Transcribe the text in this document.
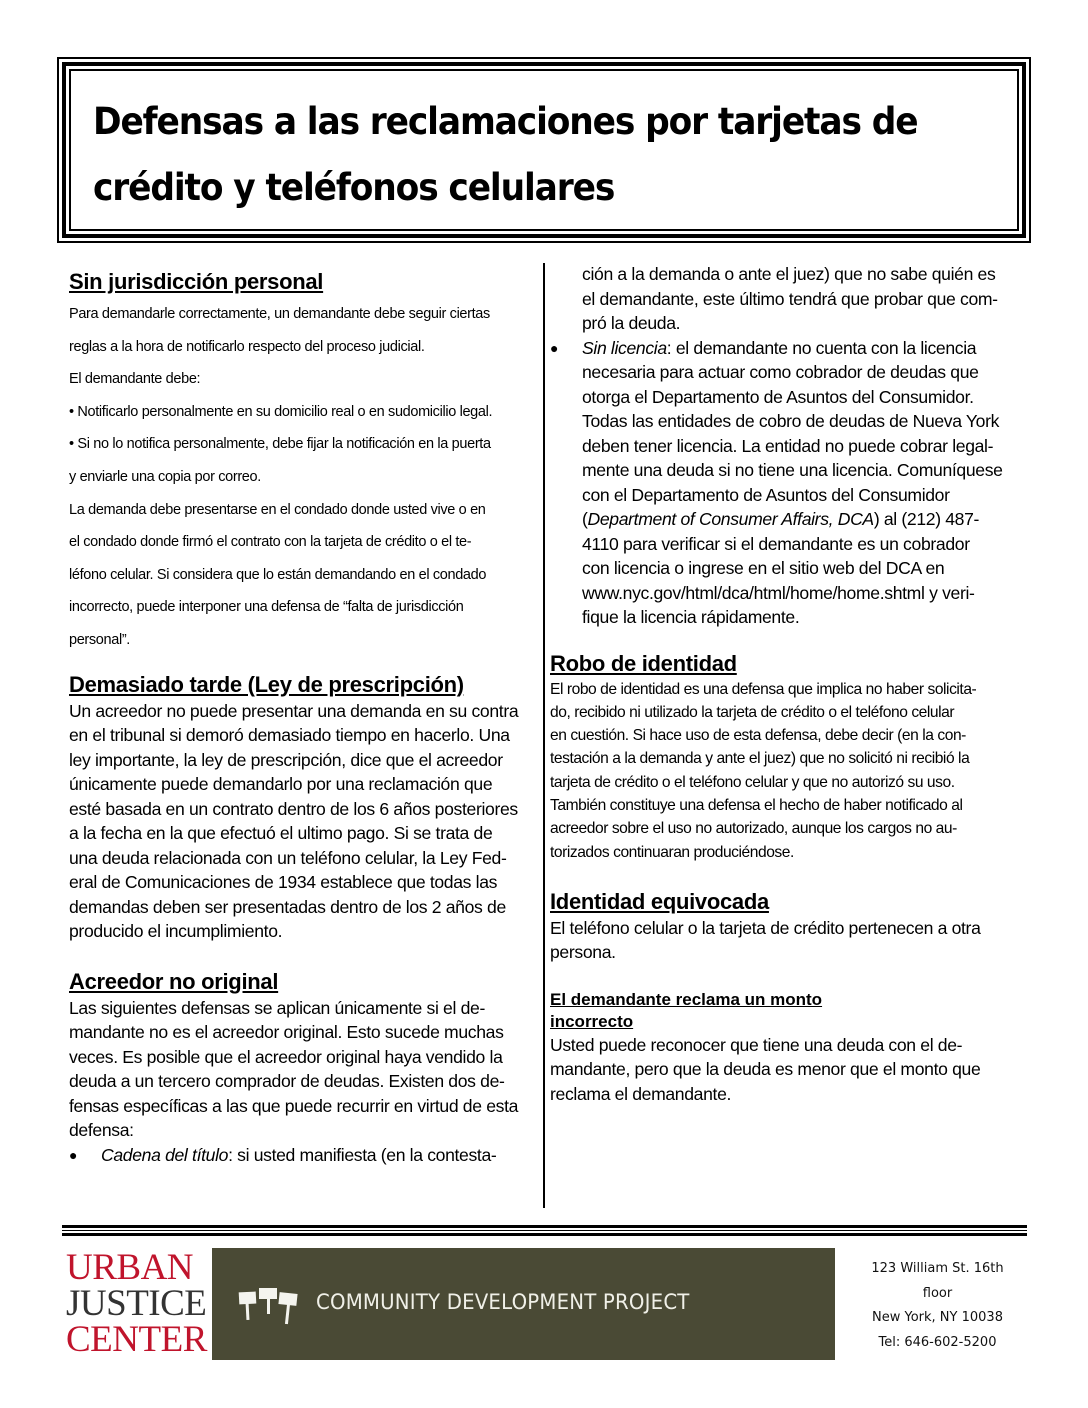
Defensas a las reclamaciones por tarjetas de
crédito y teléfonos celulares
Sin jurisdicción personal

Para demandarle correctamente, un demandante debe seguir ciertas

reglas a la hora de notificarlo respecto del proceso judicial.

El demandante debe:

• Notificarlo personalmente en su domicilio real o en sudomicilio legal.

• Si no lo notifica personalmente, debe fijar la notificación en la puerta

y enviarle una copia por correo.

La demanda debe presentarse en el condado donde usted vive o en

el condado donde firmó el contrato con la tarjeta de crédito o el te-

léfono celular. Si considera que lo están demandando en el condado

incorrecto, puede interponer una defensa de “falta de jurisdicción

personal”.

Demasiado tarde (Ley de prescripción)

Un acreedor no puede presentar una demanda en su contra

en el tribunal si demoró demasiado tiempo en hacerlo. Una

ley importante, la ley de prescripción, dice que el acreedor

únicamente puede demandarlo por una reclamación que

esté basada en un contrato dentro de los 6 años posteriores

a la fecha en la que efectuó el ultimo pago. Si se trata de

una deuda relacionada con un teléfono celular, la Ley Fed-

eral de Comunicaciones de 1934 establece que todas las

demandas deben ser presentadas dentro de los 2 años de

producido el incumplimiento.

Acreedor no original

Las siguientes defensas se aplican únicamente si el de-

mandante no es el acreedor original. Esto sucede muchas

veces. Es posible que el acreedor original haya vendido la

deuda a un tercero comprador de deudas. Existen dos de-

fensas específicas a las que puede recurrir en virtud de esta

defensa:

● Cadena del título: si usted manifiesta (en la contesta-

ción a la demanda o ante el juez) que no sabe quién es

el demandante, este último tendrá que probar que com-

pró la deuda.

● Sin licencia: el demandante no cuenta con la licencia

necesaria para actuar como cobrador de deudas que

otorga el Departamento de Asuntos del Consumidor.

Todas las entidades de cobro de deudas de Nueva York

deben tener licencia. La entidad no puede cobrar legal-

mente una deuda si no tiene una licencia. Comuníquese

con el Departamento de Asuntos del Consumidor

(Department of Consumer Affairs, DCA) al (212) 487-

4110 para verificar si el demandante es un cobrador

con licencia o ingrese en el sitio web del DCA en

www.nyc.gov/html/dca/html/home/home.shtml y veri-

fique la licencia rápidamente.

Robo de identidad

El robo de identidad es una defensa que implica no haber solicita-

do, recibido ni utilizado la tarjeta de crédito o el teléfono celular

en cuestión. Si hace uso de esta defensa, debe decir (en la con-

testación a la demanda y ante el juez) que no solicitó ni recibió la

tarjeta de crédito o el teléfono celular y que no autorizó su uso.

También constituye una defensa el hecho de haber notificado al

acreedor sobre el uso no autorizado, aunque los cargos no au-

torizados continuaran produciéndose.

Identidad equivocada

El teléfono celular o la tarjeta de crédito pertenecen a otra

persona.

El demandante reclama un monto
incorrecto

Usted puede reconocer que tiene una deuda con el de-

mandante, pero que la deuda es menor que el monto que

reclama el demandante.

URBAN
JUSTICE
CENTER
COMMUNITY DEVELOPMENT PROJECT
123 William St. 16th
floor
New York, NY 10038
Tel: 646-602-5200
